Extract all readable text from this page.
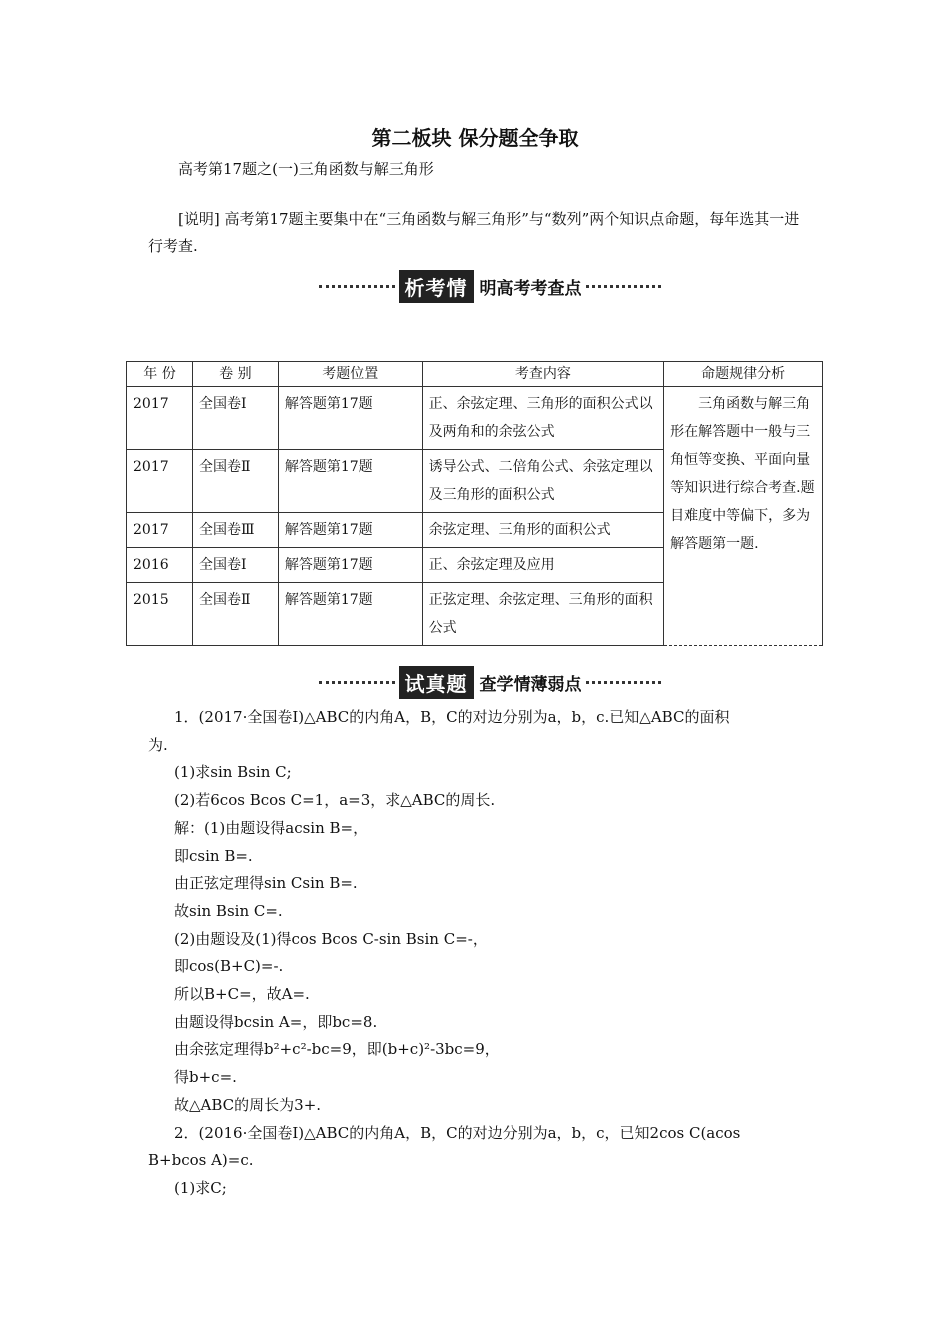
第二板块 保分题全争取
高考第17题之(一)三角函数与解三角形

[说明] 高考第17题主要集中在“三角函数与解三角形”与“数列”两个知识点命题，每年选其一进行考查.

析考情 明高考考查点
年 份	卷 别	考题位置	考查内容	命题规律分析
2017	全国卷Ⅰ	解答题第17题	正、余弦定理、三角形的面积公式以及两角和的余弦公式	三角函数与解三角形在解答题中一般与三角恒等变换、平面向量等知识进行综合考查.题目难度中等偏下，多为解答题第一题.
2017	全国卷Ⅱ	解答题第17题	诱导公式、二倍角公式、余弦定理以及三角形的面积公式	
2017	全国卷Ⅲ	解答题第17题	余弦定理、三角形的面积公式	
2016	全国卷Ⅰ	解答题第17题	正、余弦定理及应用	
2015	全国卷Ⅱ	解答题第17题	正弦定理、余弦定理、三角形的面积公式	
试真题 查学情薄弱点
1．(2017·全国卷Ⅰ)△ABC的内角A，B，C的对边分别为a，b，c.已知△ABC的面积
为.
(1)求sin Bsin C;
(2)若6cos Bcos C=1，a=3，求△ABC的周长.
解：(1)由题设得acsin B=，
即csin B=.
由正弦定理得sin Csin B=.
故sin Bsin C=.
(2)由题设及(1)得cos Bcos C-sin Bsin C=-，
即cos(B+C)=-.
所以B+C=，故A=.
由题设得bcsin A=，即bc=8.
由余弦定理得b²+c²-bc=9，即(b+c)²-3bc=9，
得b+c=.
故△ABC的周长为3+.
2．(2016·全国卷Ⅰ)△ABC的内角A，B，C的对边分别为a，b，c，已知2cos C(acos
B+bcos A)=c.
(1)求C;
